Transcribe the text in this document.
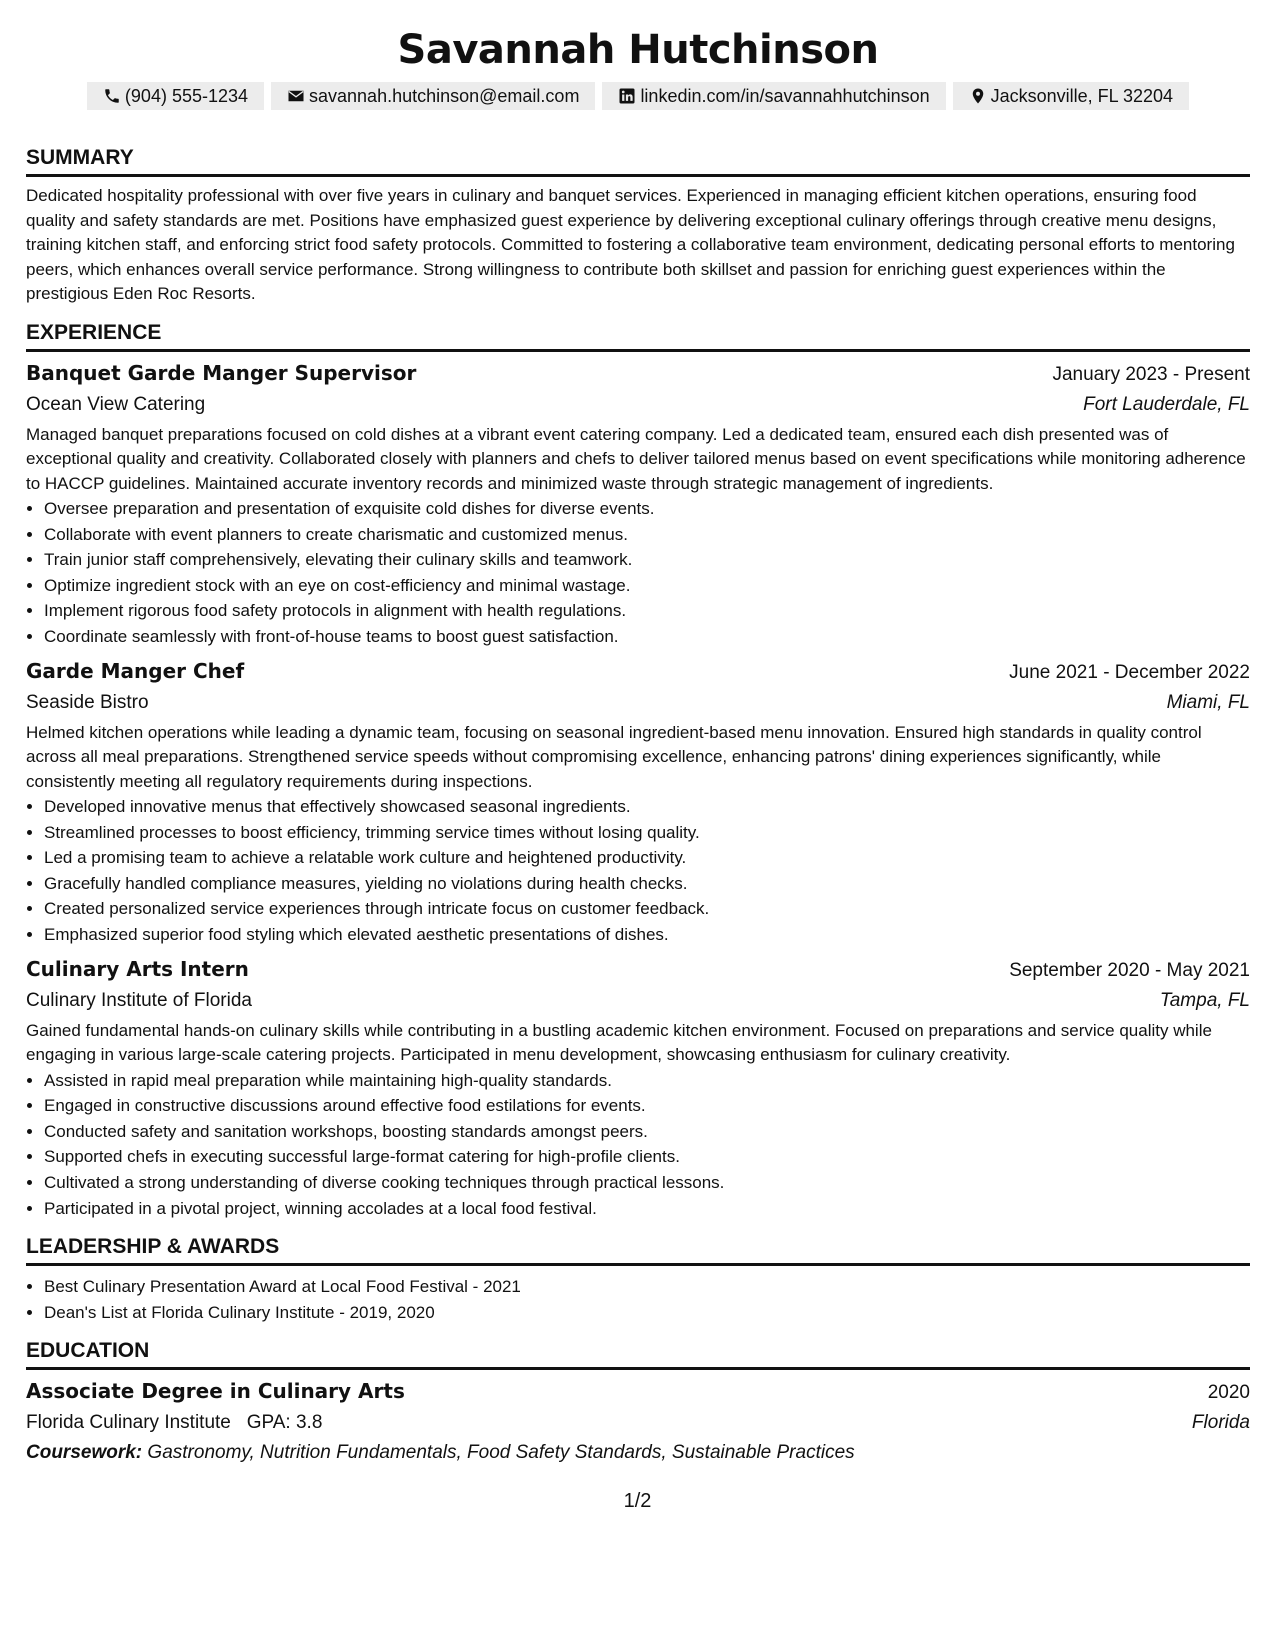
Savannah Hutchinson
(904) 555-1234	savannah.hutchinson@email.com	linkedin.com/in/savannahhutchinson	Jacksonville, FL 32204
SUMMARY
Dedicated hospitality professional with over five years in culinary and banquet services. Experienced in managing efficient kitchen operations, ensuring food quality and safety standards are met. Positions have emphasized guest experience by delivering exceptional culinary offerings through creative menu designs, training kitchen staff, and enforcing strict food safety protocols. Committed to fostering a collaborative team environment, dedicating personal efforts to mentoring peers, which enhances overall service performance. Strong willingness to contribute both skillset and passion for enriching guest experiences within the prestigious Eden Roc Resorts.
EXPERIENCE
Banquet Garde Manger Supervisor	January 2023 - Present
Ocean View Catering	Fort Lauderdale, FL
Managed banquet preparations focused on cold dishes at a vibrant event catering company. Led a dedicated team, ensured each dish presented was of exceptional quality and creativity. Collaborated closely with planners and chefs to deliver tailored menus based on event specifications while monitoring adherence to HACCP guidelines. Maintained accurate inventory records and minimized waste through strategic management of ingredients.
• Oversee preparation and presentation of exquisite cold dishes for diverse events.
• Collaborate with event planners to create charismatic and customized menus.
• Train junior staff comprehensively, elevating their culinary skills and teamwork.
• Optimize ingredient stock with an eye on cost-efficiency and minimal wastage.
• Implement rigorous food safety protocols in alignment with health regulations.
• Coordinate seamlessly with front-of-house teams to boost guest satisfaction.
Garde Manger Chef	June 2021 - December 2022
Seaside Bistro	Miami, FL
Helmed kitchen operations while leading a dynamic team, focusing on seasonal ingredient-based menu innovation. Ensured high standards in quality control across all meal preparations. Strengthened service speeds without compromising excellence, enhancing patrons' dining experiences significantly, while consistently meeting all regulatory requirements during inspections.
• Developed innovative menus that effectively showcased seasonal ingredients.
• Streamlined processes to boost efficiency, trimming service times without losing quality.
• Led a promising team to achieve a relatable work culture and heightened productivity.
• Gracefully handled compliance measures, yielding no violations during health checks.
• Created personalized service experiences through intricate focus on customer feedback.
• Emphasized superior food styling which elevated aesthetic presentations of dishes.
Culinary Arts Intern	September 2020 - May 2021
Culinary Institute of Florida	Tampa, FL
Gained fundamental hands-on culinary skills while contributing in a bustling academic kitchen environment. Focused on preparations and service quality while engaging in various large-scale catering projects. Participated in menu development, showcasing enthusiasm for culinary creativity.
• Assisted in rapid meal preparation while maintaining high-quality standards.
• Engaged in constructive discussions around effective food estilations for events.
• Conducted safety and sanitation workshops, boosting standards amongst peers.
• Supported chefs in executing successful large-format catering for high-profile clients.
• Cultivated a strong understanding of diverse cooking techniques through practical lessons.
• Participated in a pivotal project, winning accolades at a local food festival.
LEADERSHIP & AWARDS
• Best Culinary Presentation Award at Local Food Festival - 2021
• Dean's List at Florida Culinary Institute - 2019, 2020
EDUCATION
Associate Degree in Culinary Arts	2020
Florida Culinary Institute GPA: 3.8	Florida
Coursework: Gastronomy, Nutrition Fundamentals, Food Safety Standards, Sustainable Practices
1/2
